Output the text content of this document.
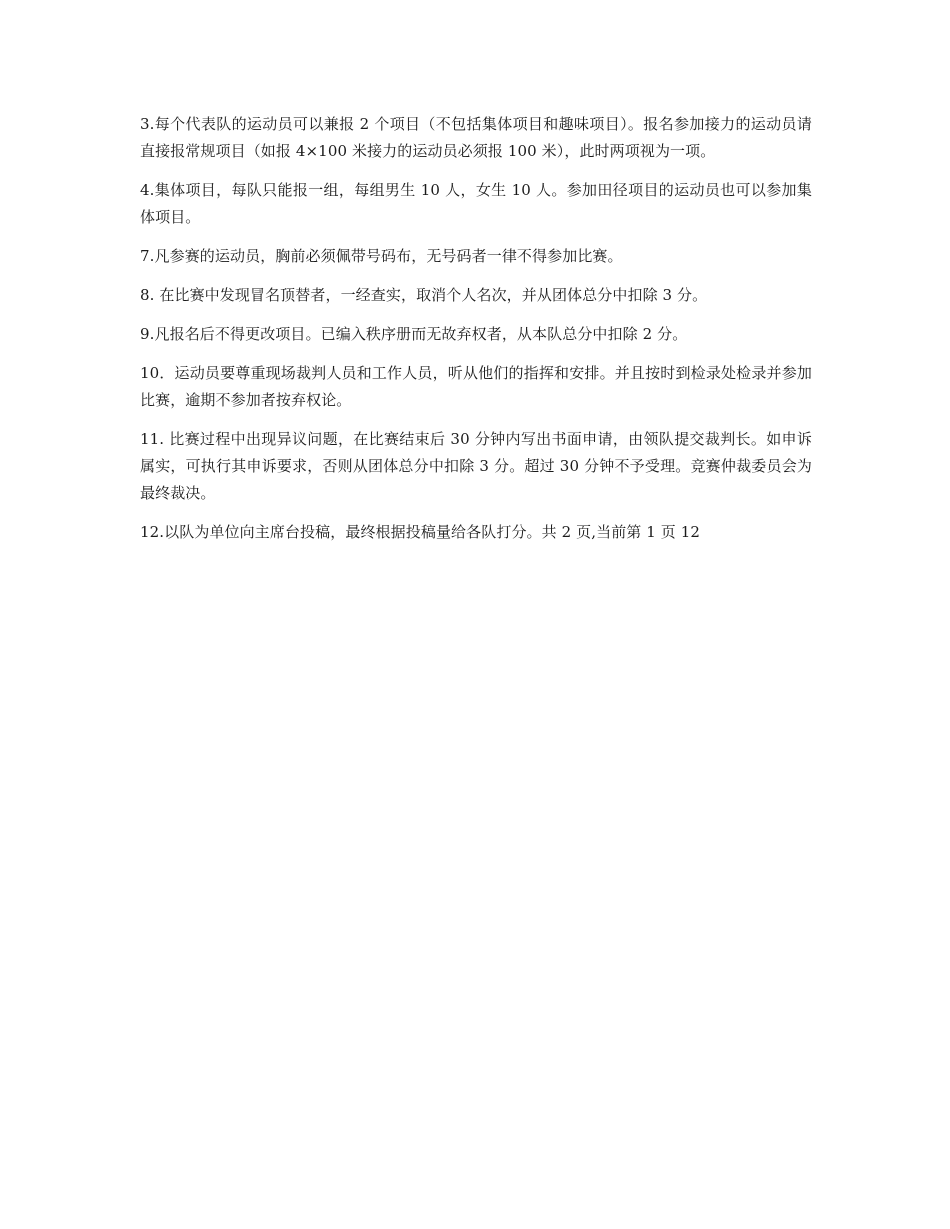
3.每个代表队的运动员可以兼报 2 个项目（不包括集体项目和趣味项目）。报名参加接力的运动员请直接报常规项目（如报 4×100 米接力的运动员必须报 100 米），此时两项视为一项。

4.集体项目，每队只能报一组，每组男生 10 人，女生 10 人。参加田径项目的运动员也可以参加集体项目。

7.凡参赛的运动员，胸前必须佩带号码布，无号码者一律不得参加比赛。

8. 在比赛中发现冒名顶替者，一经查实，取消个人名次，并从团体总分中扣除 3 分。

9.凡报名后不得更改项目。已编入秩序册而无故弃权者，从本队总分中扣除 2 分。

10．运动员要尊重现场裁判人员和工作人员，听从他们的指挥和安排。并且按时到检录处检录并参加比赛，逾期不参加者按弃权论。

11. 比赛过程中出现异议问题，在比赛结束后 30 分钟内写出书面申请，由领队提交裁判长。如申诉属实，可执行其申诉要求，否则从团体总分中扣除 3 分。超过 30 分钟不予受理。竞赛仲裁委员会为最终裁决。

12.以队为单位向主席台投稿，最终根据投稿量给各队打分。共 2 页,当前第 1 页 12
